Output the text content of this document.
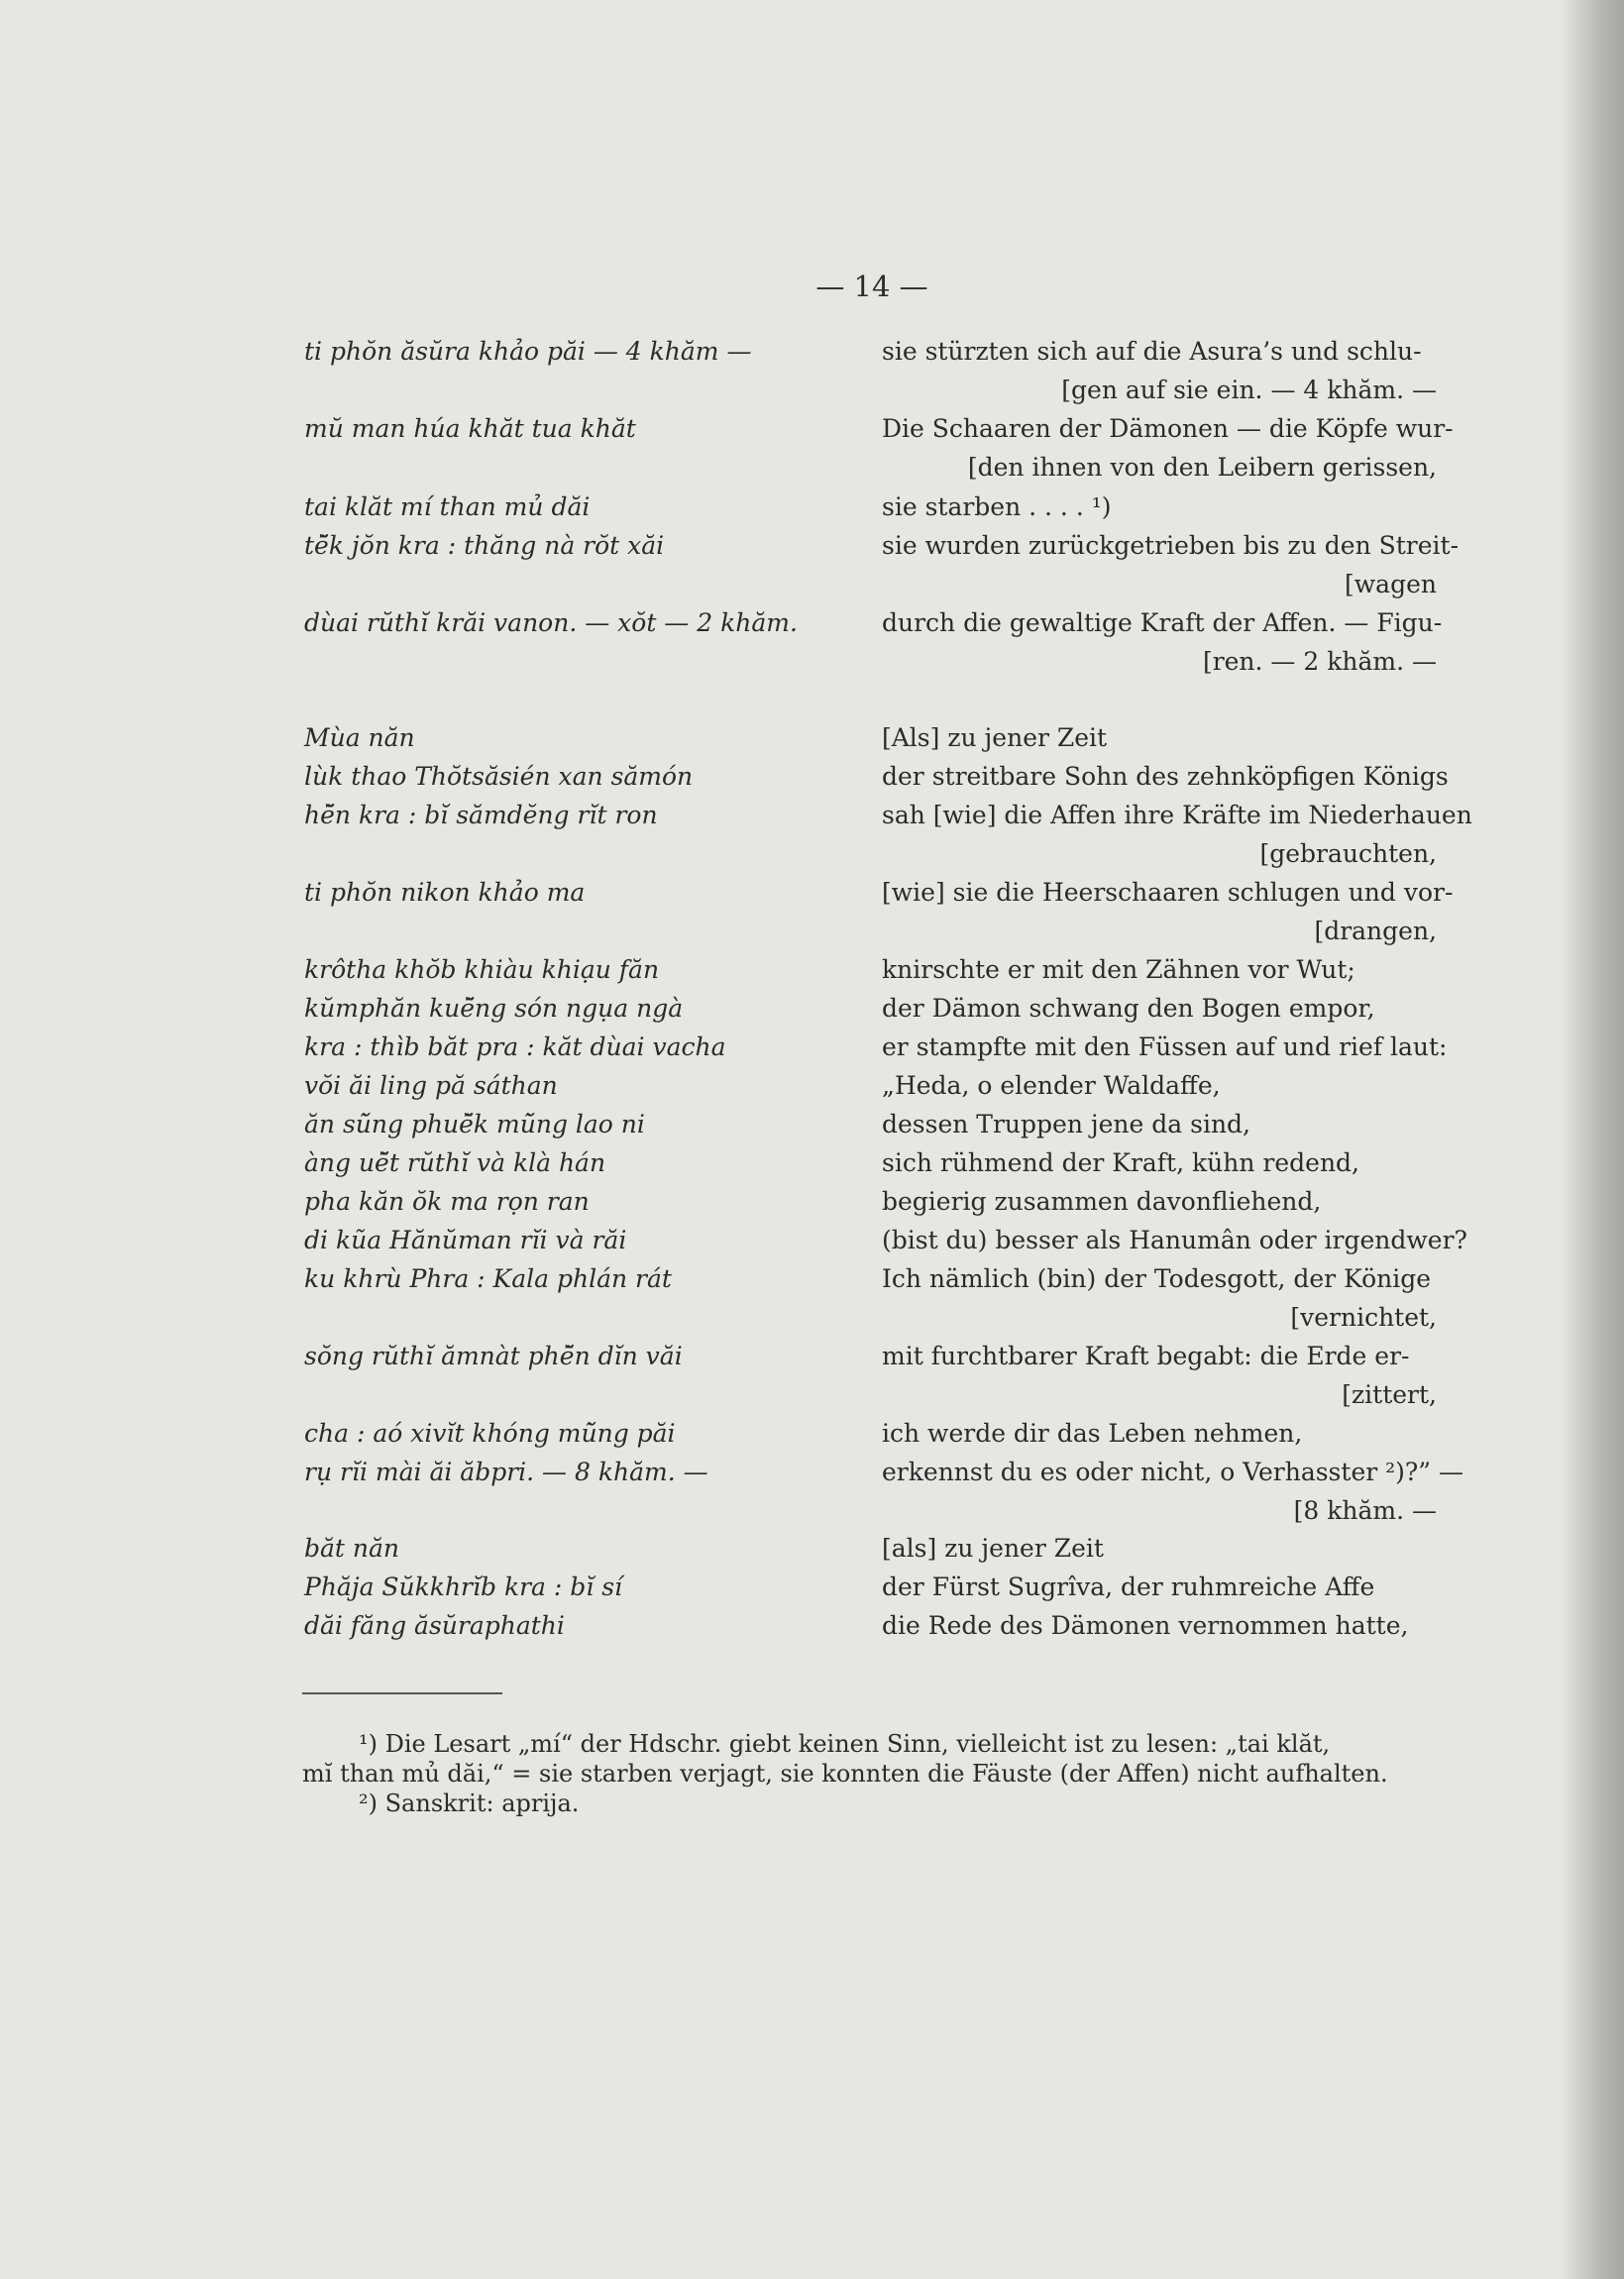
— 14 —
ti phŏn ăsŭra khảo păi — 4 khăm —
mŭ man húa khăt tua khăt
tai klăt mí than mủ dăi
tẽ̆k jŏn kra : thăng nà rŏt xăi
dùai rŭthĭ krăi vanon. — xŏt — 2 khăm.
Mùa năn
lùk thao Thŏtsăsién xan sămón
hẽ̆n kra : bĭ sămdĕng rĭt ron
ti phŏn nikon khảo ma
krôtha khŏb khiàu khiạu făn
kŭmphăn kuẽ̆ng són ngụa ngà
kra : thìb băt pra : kăt dùai vacha
vŏi ăi ling pă sáthan
ăn sũ̆ng phuẽ̆k mũ̆ng lao ni
àng uẽ̆t rŭthĭ và klà hán
pha kăn ŏk ma rọn ran
di kũa Hănŭman rĭi và răi
ku khrù Phra : Kala phlán rát
sŏng rŭthĭ ămnàt phẽ̆n dĭn văi
cha : aó xivĭt khóng mũ̆ng păi
rụ rĭi mài ăi ăbpri. — 8 khăm. —
băt năn
Phăja Sŭkkhrĭb kra : bĭ sí
dăi făng ăsŭraphathi
sie stürzten sich auf die Asura’s und schlu-
[gen auf sie ein. — 4 khăm. —
Die Schaaren der Dämonen — die Köpfe wur-
[den ihnen von den Leibern gerissen,
sie starben . . . . ¹)
sie wurden zurückgetrieben bis zu den Streit-
[wagen
durch die gewaltige Kraft der Affen. — Figu-
[ren. — 2 khăm. —
[Als] zu jener Zeit
der streitbare Sohn des zehnköpfigen Königs
sah [wie] die Affen ihre Kräfte im Niederhauen
[gebrauchten,
[wie] sie die Heerschaaren schlugen und vor-
[drangen,
knirschte er mit den Zähnen vor Wut;
der Dämon schwang den Bogen empor,
er stampfte mit den Füssen auf und rief laut:
„Heda, o elender Waldaffe,
dessen Truppen jene da sind,
sich rühmend der Kraft, kühn redend,
begierig zusammen davonfliehend,
(bist du) besser als Hanumân oder irgendwer?
Ich nämlich (bin) der Todesgott, der Könige
[vernichtet,
mit furchtbarer Kraft begabt: die Erde er-
[zittert,
ich werde dir das Leben nehmen,
erkennst du es oder nicht, o Verhasster ²)?” —
[8 khăm. —
[als] zu jener Zeit
der Fürst Sugrîva, der ruhmreiche Affe
die Rede des Dämonen vernommen hatte,
¹) Die Lesart „mí“ der Hdschr. giebt keinen Sinn, vielleicht ist zu lesen: „tai klăt,
mĭ than mủ dăi,“ = sie starben verjagt, sie konnten die Fäuste (der Affen) nicht aufhalten.
²) Sanskrit: aprija.
